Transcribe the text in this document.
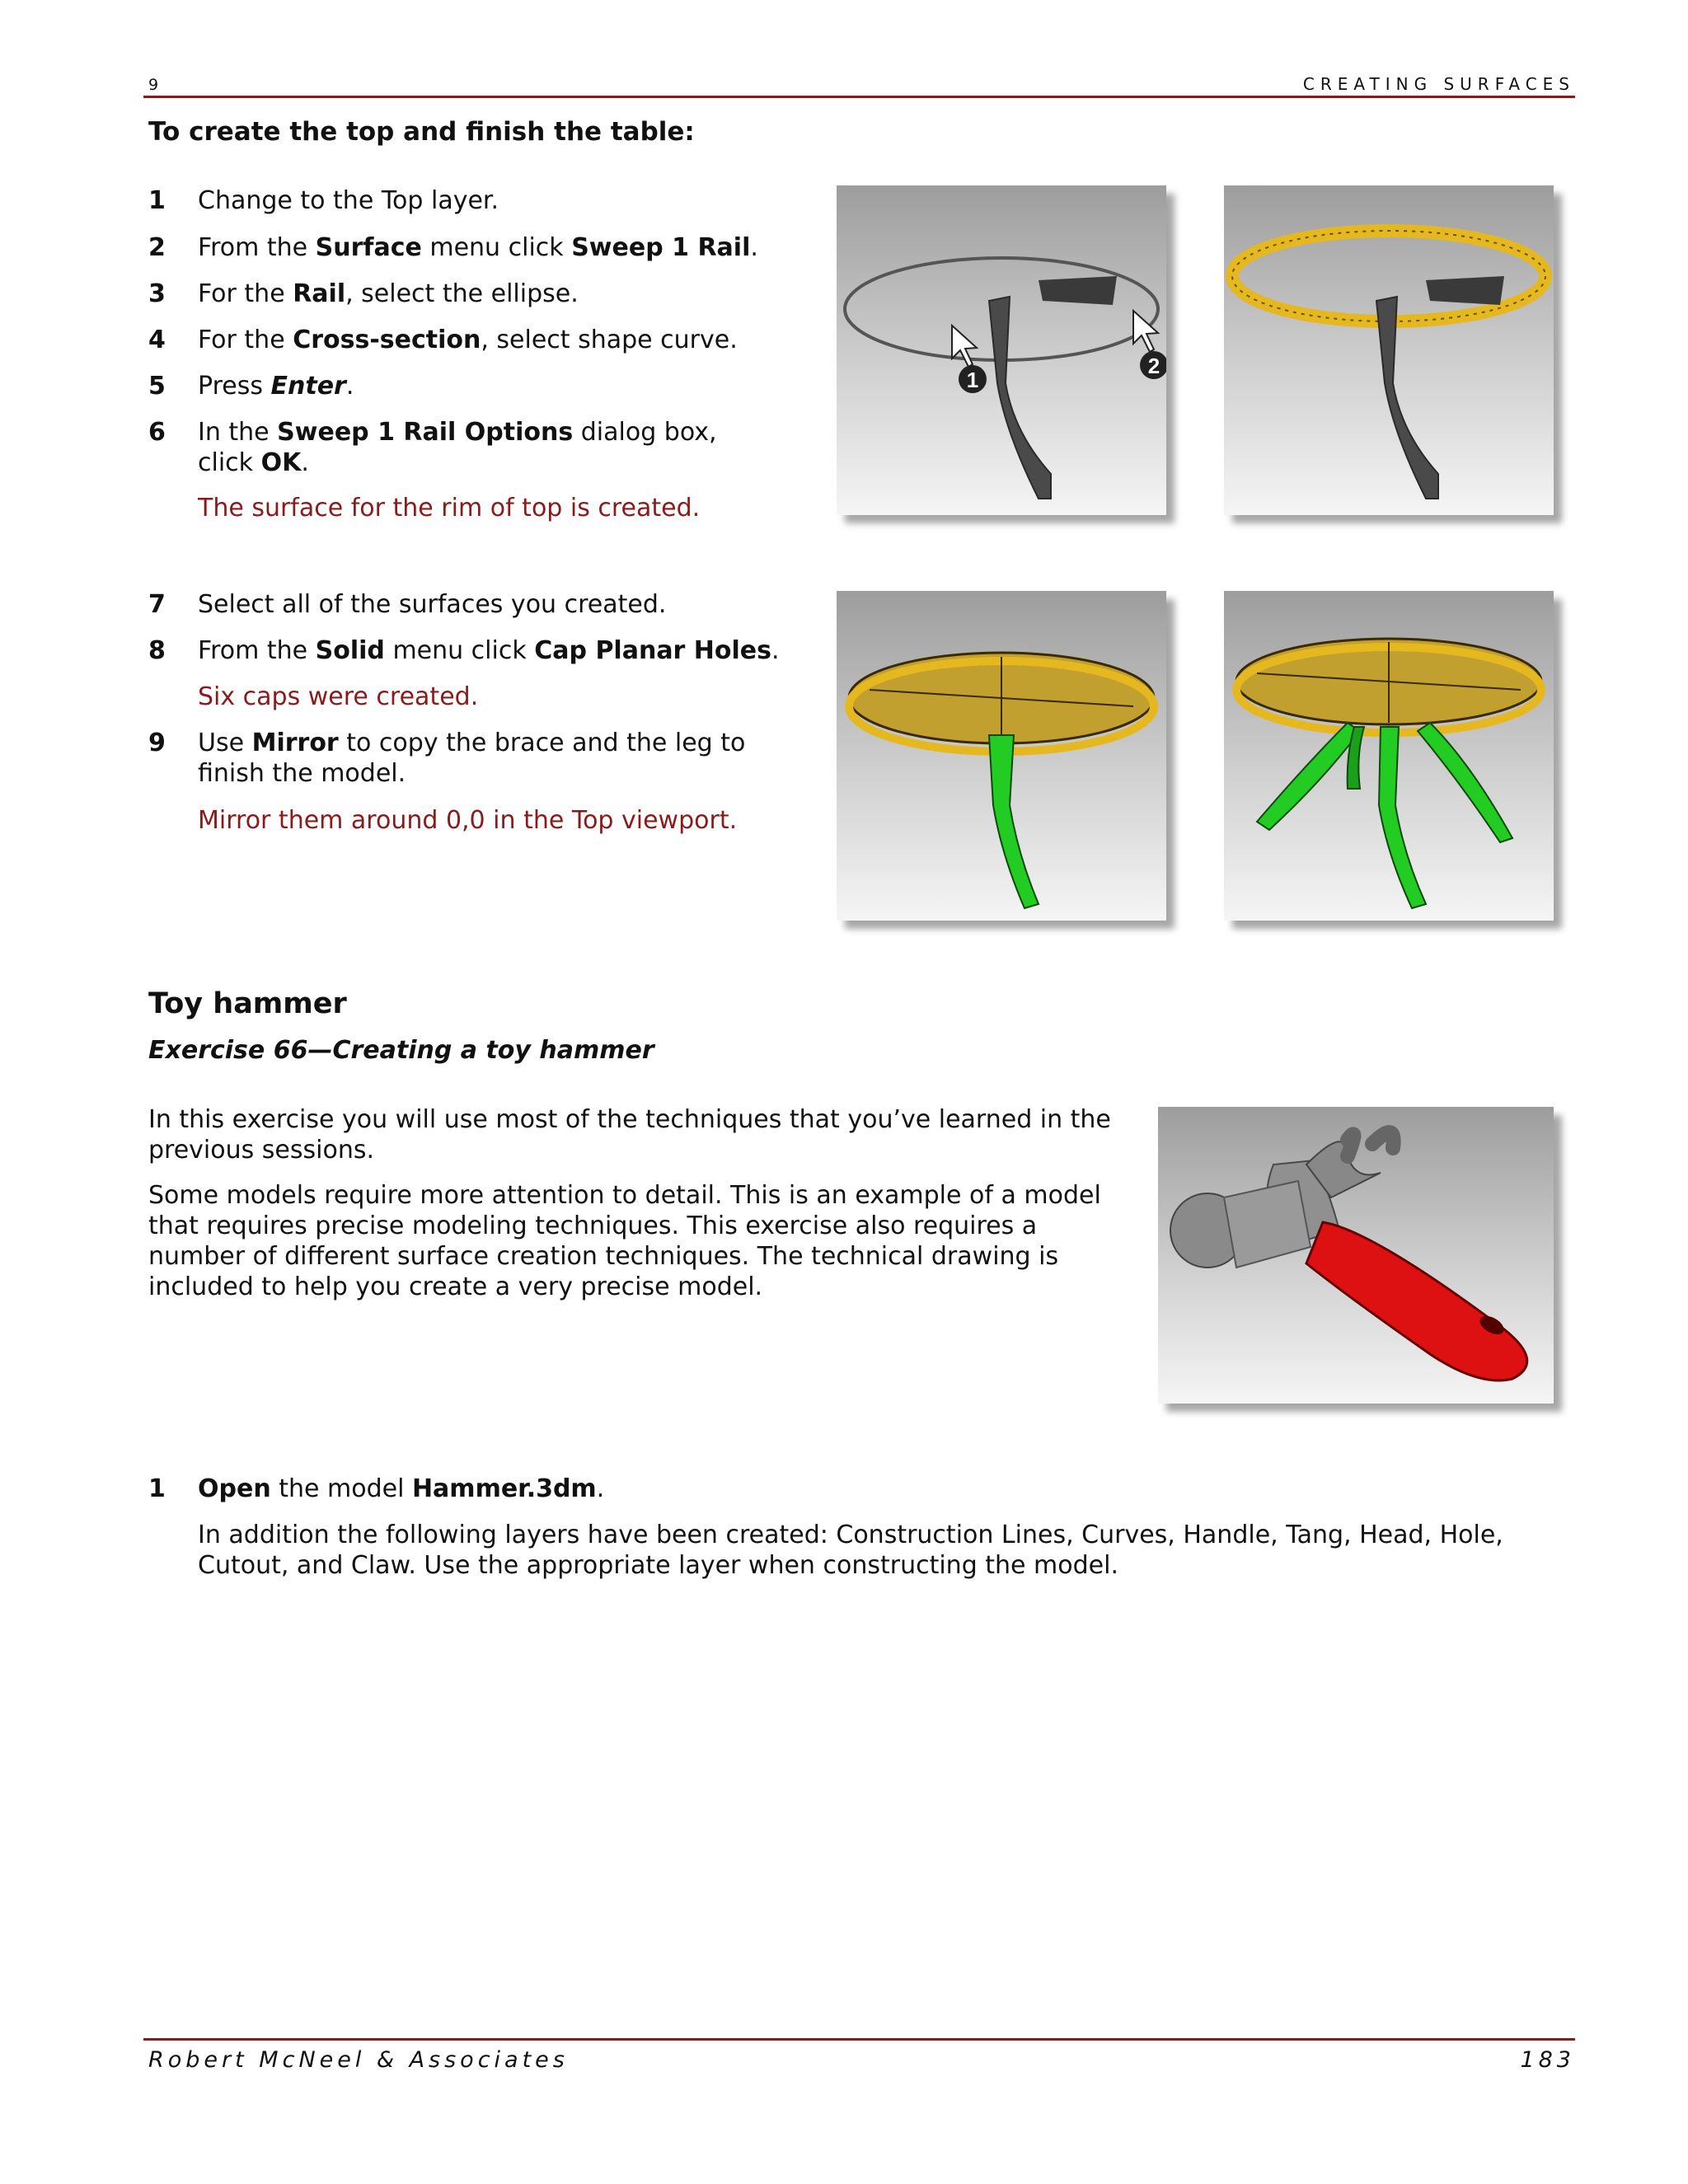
9	CREATING SURFACES
To create the top and finish the table:
1 Change to the Top layer.
2 From the Surface menu click Sweep 1 Rail.
3 For the Rail, select the ellipse.
4 For the Cross-section, select shape curve.
5 Press Enter.
6 In the Sweep 1 Rail Options dialog box,
click OK.
The surface for the rim of top is created.
7 Select all of the surfaces you created.
8 From the Solid menu click Cap Planar Holes.
Six caps were created.
9 Use Mirror to copy the brace and the leg to
finish the model.
Mirror them around 0,0 in the Top viewport.
1
2
Toy hammer
Exercise 66—Creating a toy hammer
In this exercise you will use most of the techniques that you’ve learned in the
previous sessions.
Some models require more attention to detail. This is an example of a model
that requires precise modeling techniques. This exercise also requires a
number of different surface creation techniques. The technical drawing is
included to help you create a very precise model.
1 Open the model Hammer.3dm.
In addition the following layers have been created: Construction Lines, Curves, Handle, Tang, Head, Hole,
Cutout, and Claw. Use the appropriate layer when constructing the model.
Robert McNeel & Associates	183
